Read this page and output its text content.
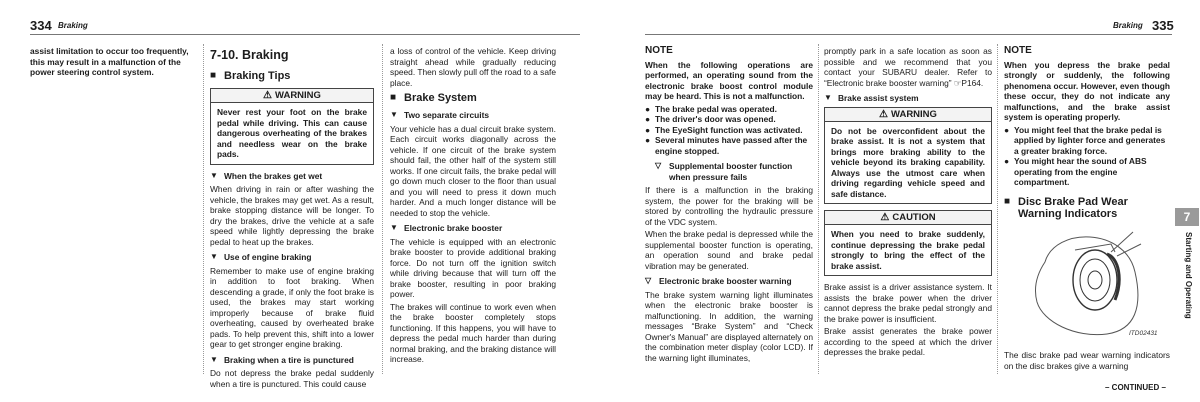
334 Braking

assist limitation to occur too frequently, this may result in a malfunction of the power steering control system.

7-10. Braking
■ Braking Tips
⚠ WARNING
Never rest your foot on the brake pedal while driving. This can cause dangerous overheating of the brakes and needless wear on the brake pads.
▼ When the brakes get wet

When driving in rain or after washing the vehicle, the brakes may get wet. As a result, brake stopping distance will be longer. To dry the brakes, drive the vehicle at a safe speed while lightly depressing the brake pedal to heat up the brakes.

▼ Use of engine braking

Remember to make use of engine braking in addition to foot braking. When descending a grade, if only the foot brake is used, the brakes may start working improperly because of brake fluid overheating, caused by overheated brake pads. To help prevent this, shift into a lower gear to get stronger engine braking.

▼ Braking when a tire is punctured

Do not depress the brake pedal suddenly when a tire is punctured. This could cause

a loss of control of the vehicle. Keep driving straight ahead while gradually reducing speed. Then slowly pull off the road to a safe place.

■ Brake System
▼ Two separate circuits

Your vehicle has a dual circuit brake system. Each circuit works diagonally across the vehicle. If one circuit of the brake system should fail, the other half of the system still works. If one circuit fails, the brake pedal will go down much closer to the floor than usual and you will need to press it down much harder. And a much longer distance will be needed to stop the vehicle.

▼ Electronic brake booster

The vehicle is equipped with an electronic brake booster to provide additional braking force. Do not turn off the ignition switch while driving because that will turn off the brake booster, resulting in poor braking power.

The brakes will continue to work even when the brake booster completely stops functioning. If this happens, you will have to depress the pedal much harder than during normal braking, and the braking distance will increase.

Braking 335
NOTE

When the following operations are performed, an operating sound from the electronic brake boost control module may be heard. This is not a malfunction.

● The brake pedal was operated.
● The driver's door was opened.
● The EyeSight function was activated.
● Several minutes have passed after the engine stopped.
▽ Supplemental booster function when pressure fails

If there is a malfunction in the braking system, the power for the braking will be stored by controlling the hydraulic pressure of the VDC system.

When the brake pedal is depressed while the supplemental booster function is operating, an operation sound and brake pedal vibration may be generated.

▽ Electronic brake booster warning

The brake system warning light illuminates when the electronic brake booster is malfunctioning. In addition, the warning messages “Brake System” and “Check Owner's Manual” are displayed alternately on the combination meter display (color LCD). If the warning light illuminates,

promptly park in a safe location as soon as possible and we recommend that you contact your SUBARU dealer. Refer to “Electronic brake booster warning” ☞P164.

▼ Brake assist system
⚠ WARNING
Do not be overconfident about the brake assist. It is not a system that brings more braking ability to the vehicle beyond its braking capability. Always use the utmost care when driving regarding vehicle speed and safe distance.
⚠ CAUTION
When you need to brake suddenly, continue depressing the brake pedal strongly to bring the effect of the brake assist.

Brake assist is a driver assistance system. It assists the brake power when the driver cannot depress the brake pedal strongly and the brake power is insufficient.

Brake assist generates the brake power according to the speed at which the driver depresses the brake pedal.

NOTE

When you depress the brake pedal strongly or suddenly, the following phenomena occur. However, even though these occur, they do not indicate any malfunctions, and the brake assist system is operating properly.

● You might feel that the brake pedal is applied by lighter force and generates a greater braking force.
● You might hear the sound of ABS operating from the engine compartment.
■ Disc Brake Pad Wear Warning Indicators
ITD02431

The disc brake pad wear warning indicators on the disc brakes give a warning

– CONTINUED –
7
Starting and Operating
